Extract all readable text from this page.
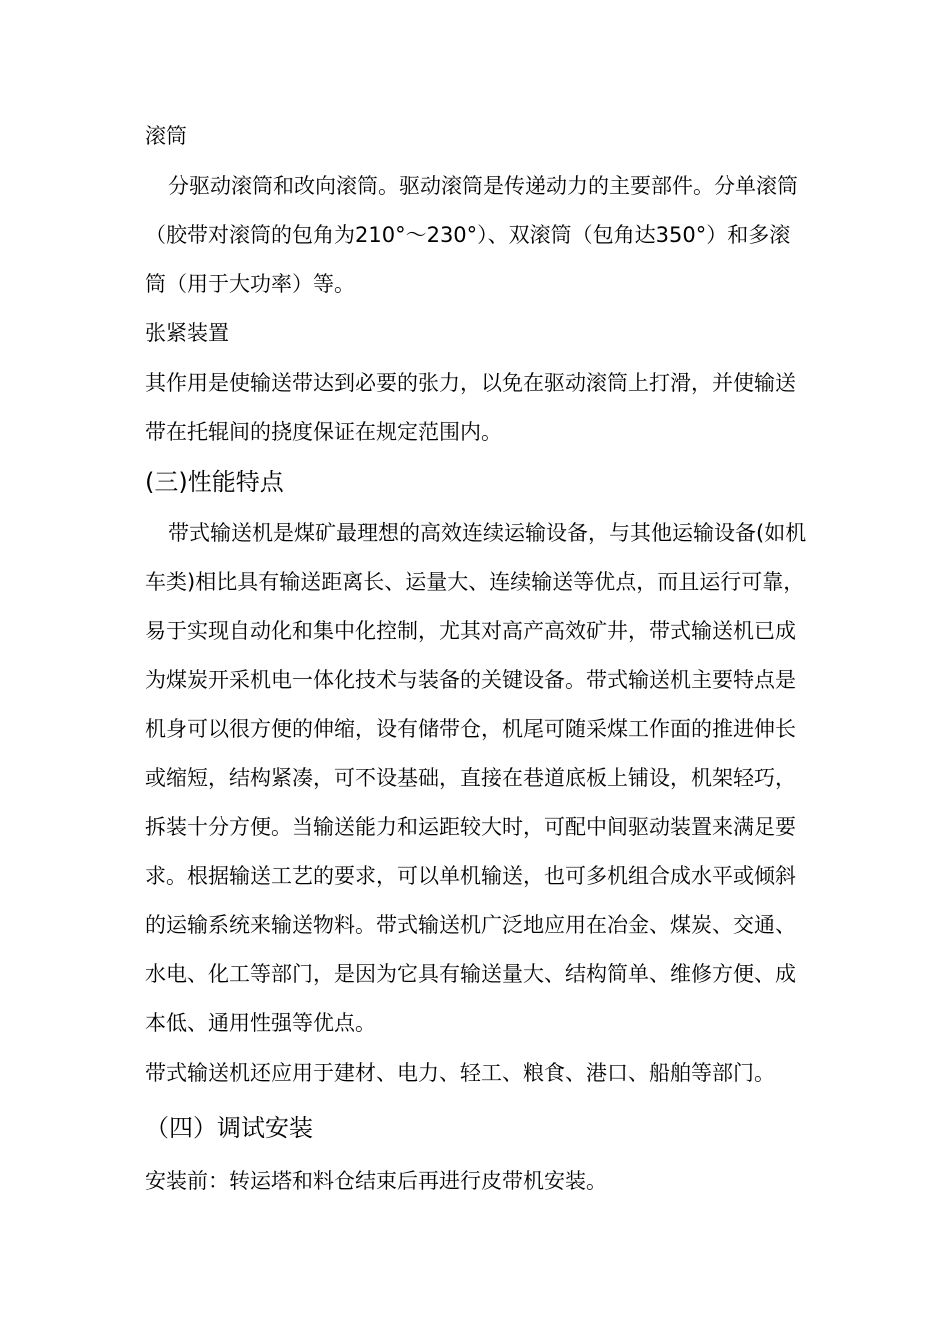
滚筒

分驱动滚筒和改向滚筒。驱动滚筒是传递动力的主要部件。分单滚筒（胶带对滚筒的包角为210°～230°）、双滚筒（包角达350°）和多滚筒（用于大功率）等。

张紧装置

其作用是使输送带达到必要的张力，以免在驱动滚筒上打滑，并使输送带在托辊间的挠度保证在规定范围内。

(三)性能特点

带式输送机是煤矿最理想的高效连续运输设备，与其他运输设备(如机车类)相比具有输送距离长、运量大、连续输送等优点，而且运行可靠，易于实现自动化和集中化控制，尤其对高产高效矿井，带式输送机已成为煤炭开采机电一体化技术与装备的关键设备。带式输送机主要特点是机身可以很方便的伸缩，设有储带仓，机尾可随采煤工作面的推进伸长或缩短，结构紧凑，可不设基础，直接在巷道底板上铺设，机架轻巧，拆装十分方便。当输送能力和运距较大时，可配中间驱动装置来满足要求。根据输送工艺的要求，可以单机输送，也可多机组合成水平或倾斜的运输系统来输送物料。带式输送机广泛地应用在冶金、煤炭、交通、水电、化工等部门，是因为它具有输送量大、结构简单、维修方便、成本低、通用性强等优点。

带式输送机还应用于建材、电力、轻工、粮食、港口、船舶等部门。

（四）调试安装

安装前：转运塔和料仓结束后再进行皮带机安装。
